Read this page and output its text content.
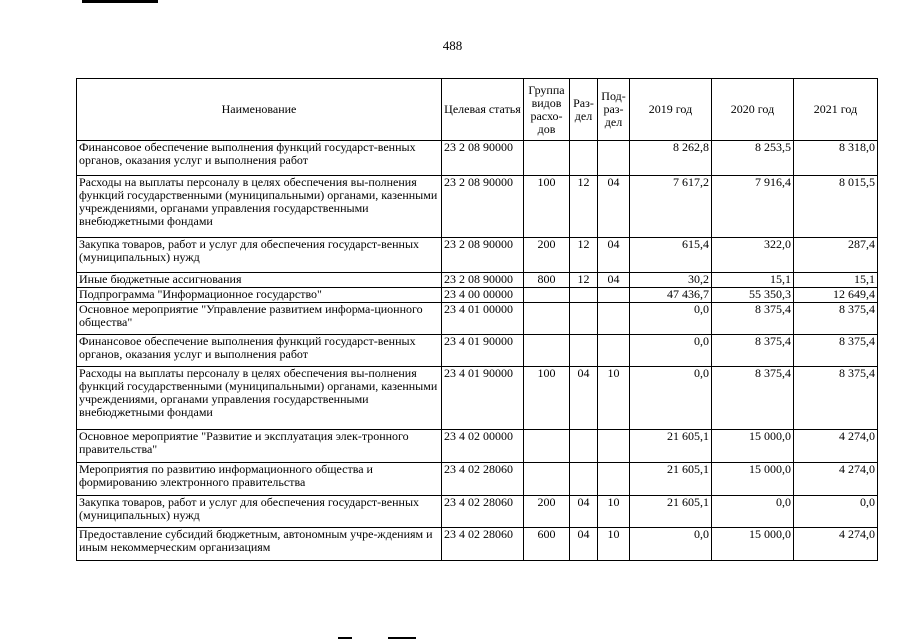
488
Наименование	Целевая статья	Группа видов расхо-дов	Раз-дел	Под-раз-дел	2019 год	2020 год	2021 год
Финансовое обеспечение выполнения функций государст-венных органов, оказания услуг и выполнения работ	23 2 08 90000				8 262,8	8 253,5	8 318,0
Расходы на выплаты персоналу в целях обеспечения вы-полнения функций государственными (муниципальными) органами, казенными учреждениями, органами управления государственными внебюджетными фондами	23 2 08 90000	100	12	04	7 617,2	7 916,4	8 015,5
Закупка товаров, работ и услуг для обеспечения государст-венных (муниципальных) нужд	23 2 08 90000	200	12	04	615,4	322,0	287,4
Иные бюджетные ассигнования	23 2 08 90000	800	12	04	30,2	15,1	15,1
Подпрограмма "Информационное государство"	23 4 00 00000				47 436,7	55 350,3	12 649,4
Основное мероприятие "Управление развитием информа-ционного общества"	23 4 01 00000				0,0	8 375,4	8 375,4
Финансовое обеспечение выполнения функций государст-венных органов, оказания услуг и выполнения работ	23 4 01 90000				0,0	8 375,4	8 375,4
Расходы на выплаты персоналу в целях обеспечения вы-полнения функций государственными (муниципальными) органами, казенными учреждениями, органами управления государственными внебюджетными фондами	23 4 01 90000	100	04	10	0,0	8 375,4	8 375,4
Основное мероприятие "Развитие и эксплуатация элек-тронного правительства"	23 4 02 00000				21 605,1	15 000,0	4 274,0
Мероприятия по развитию информационного общества и формированию электронного правительства	23 4 02 28060				21 605,1	15 000,0	4 274,0
Закупка товаров, работ и услуг для обеспечения государст-венных (муниципальных) нужд	23 4 02 28060	200	04	10	21 605,1	0,0	0,0
Предоставление субсидий бюджетным, автономным учре-ждениям и иным некоммерческим организациям	23 4 02 28060	600	04	10	0,0	15 000,0	4 274,0
